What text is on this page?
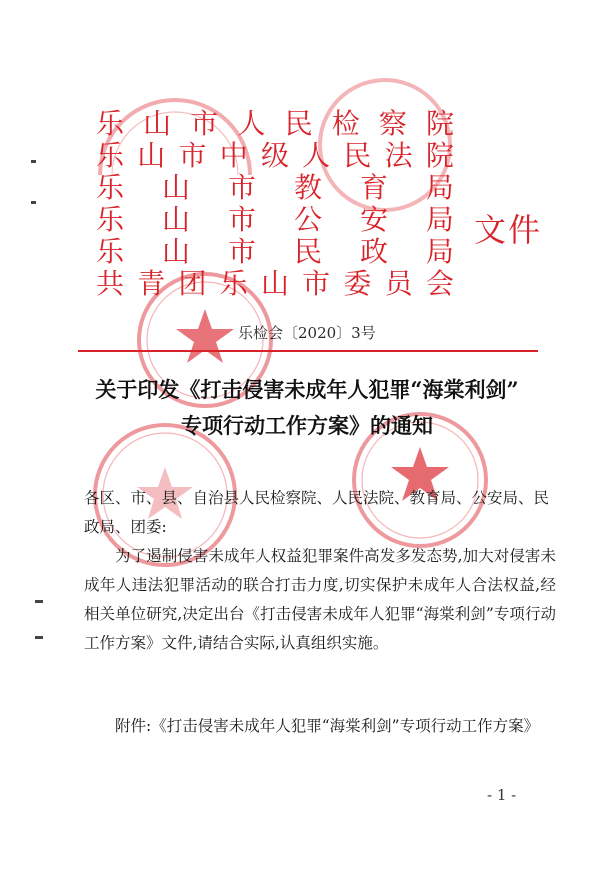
乐 山 市 人 民 检 察 院
乐 山 市 中 级 人 民 法 院
乐 山 市 教 育 局
乐 山 市 公 安 局
乐 山 市 民 政 局
共 青 团 乐 山 市 委 员 会
文件
乐检会〔2020〕3号
关于印发《打击侵害未成年人犯罪“海棠利剑”
专项行动工作方案》的通知
各区、市、县、自治县人民检察院、人民法院、教育局、公安局、民政局、团委:
为了遏制侵害未成年人权益犯罪案件高发多发态势,加大对侵害未成年人违法犯罪活动的联合打击力度,切实保护未成年人合法权益,经相关单位研究,决定出台《打击侵害未成年人犯罪“海棠利剑”专项行动工作方案》文件,请结合实际,认真组织实施。
附件:《打击侵害未成年人犯罪“海棠利剑”专项行动工作方案》
- 1 -
